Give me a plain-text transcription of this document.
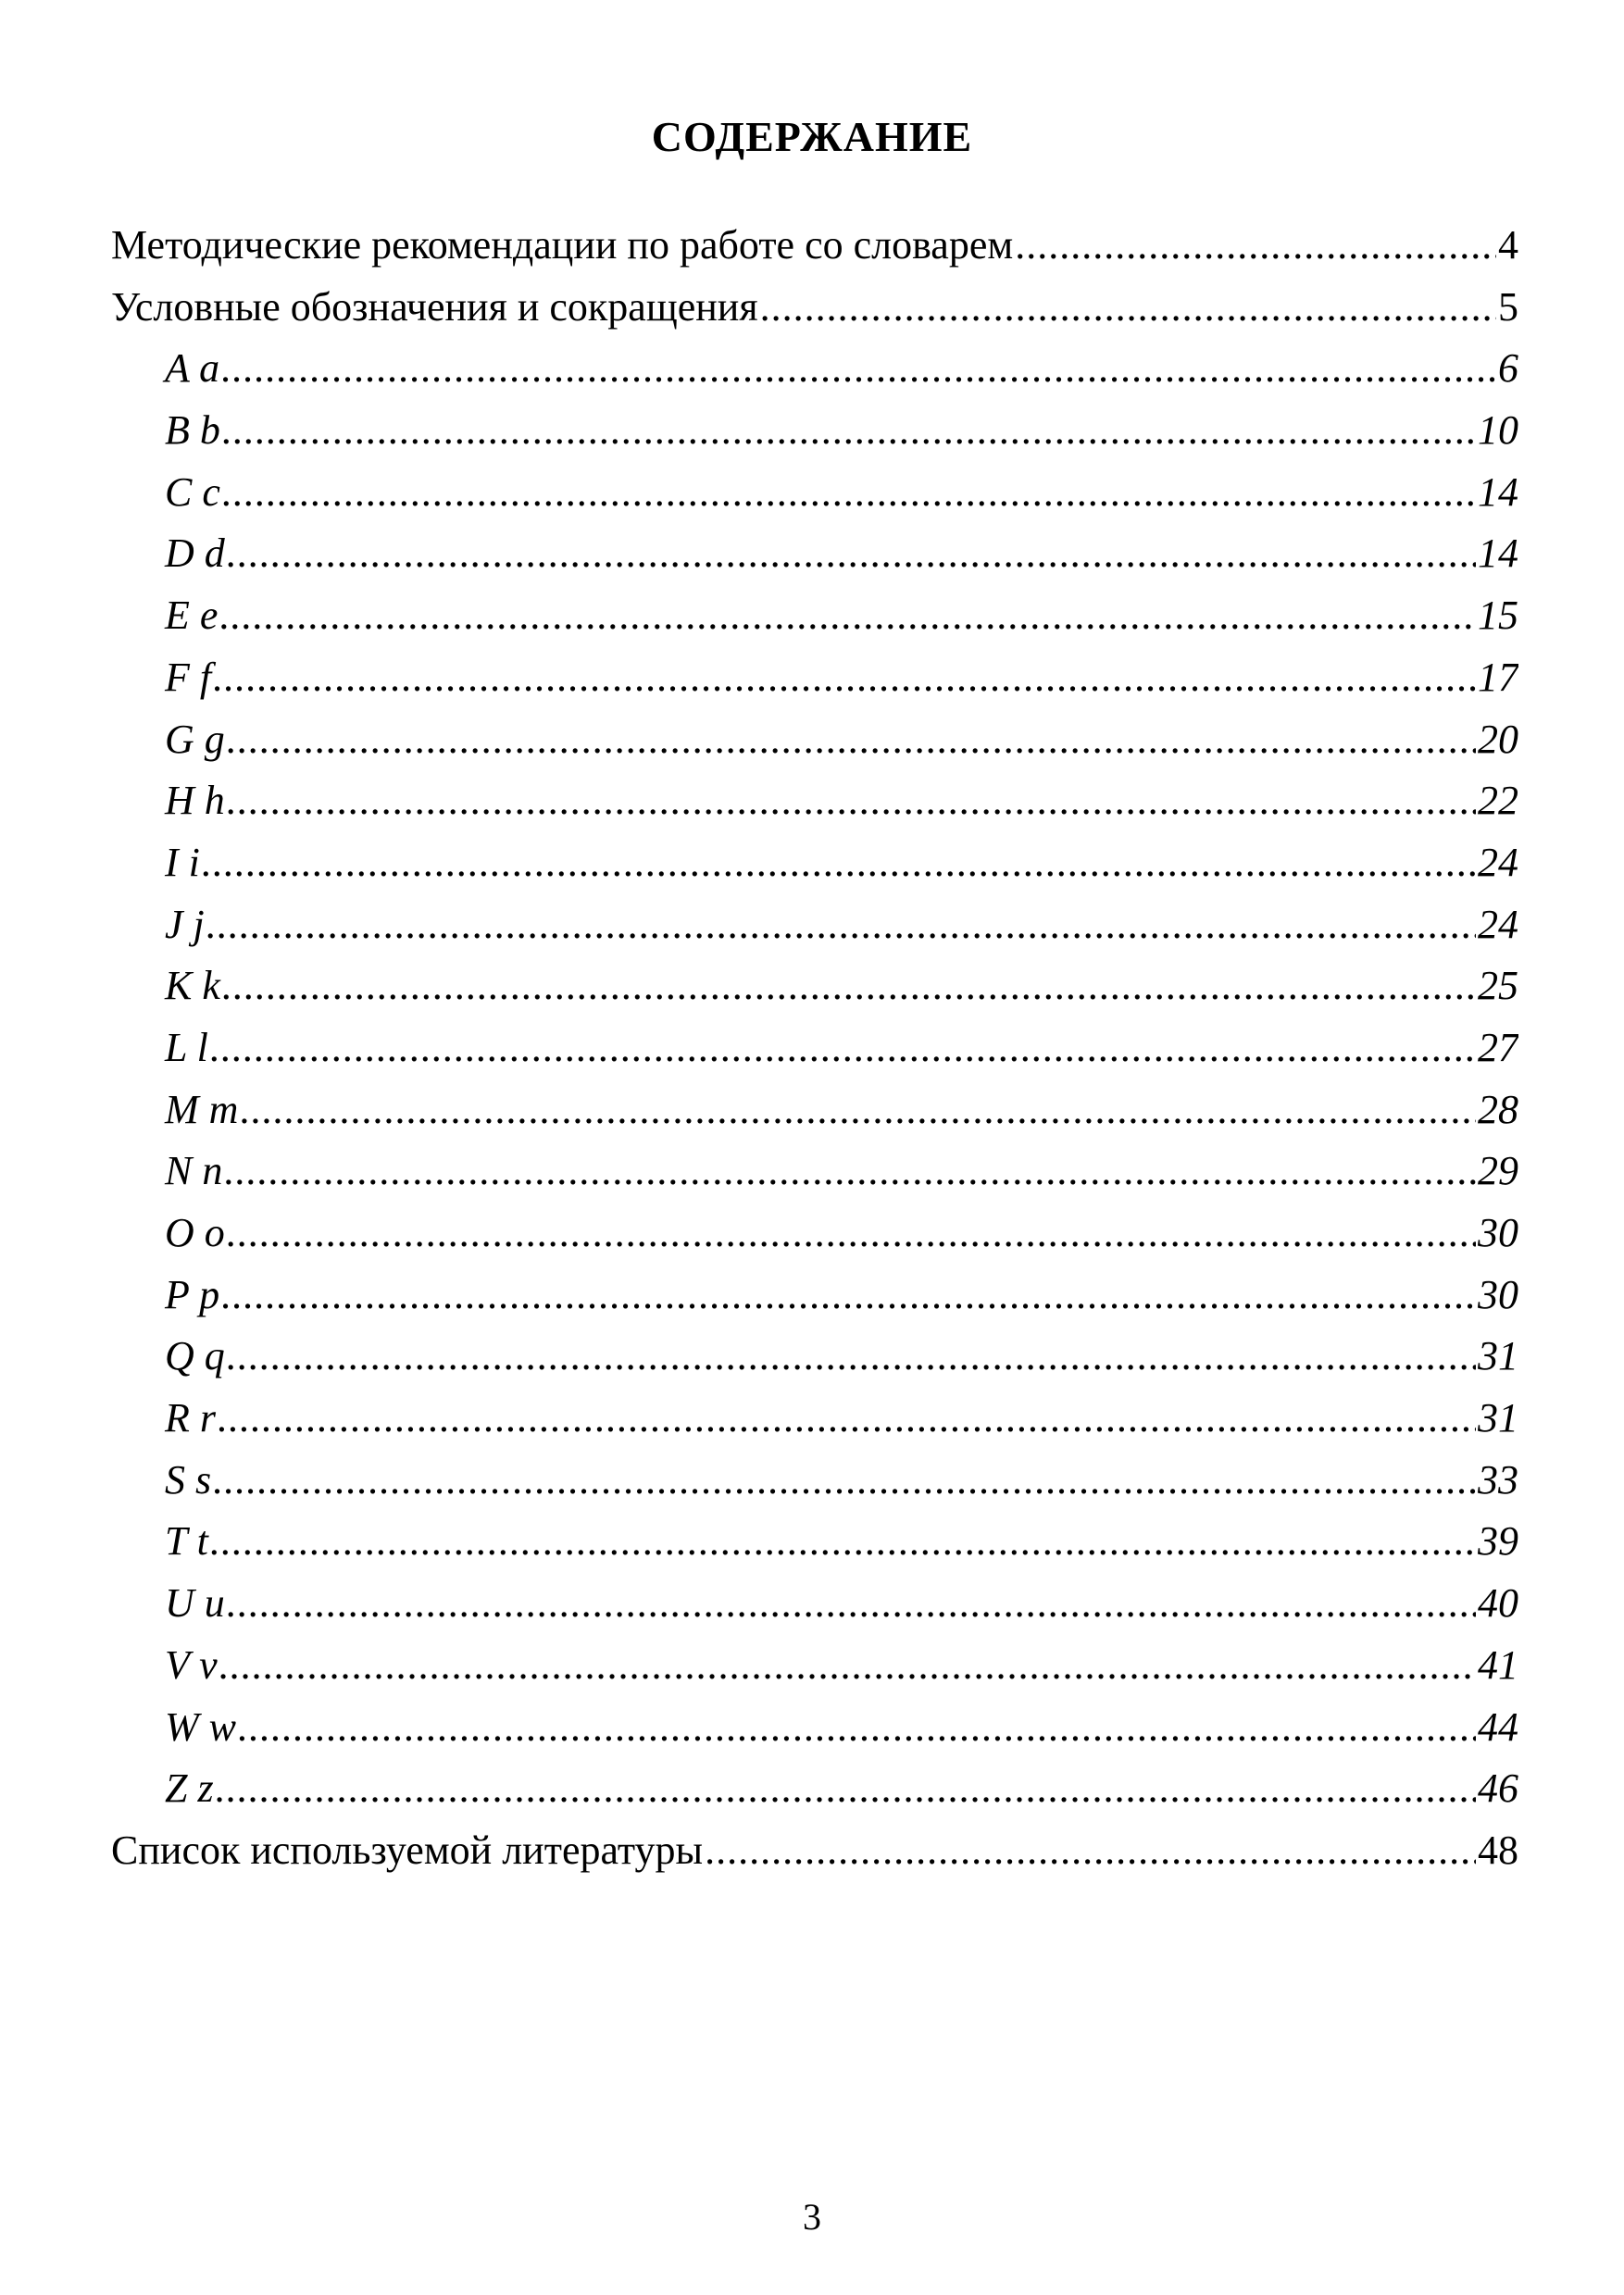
СОДЕРЖАНИЕ
Методические рекомендации по работе со словарем .....	4
Условные обозначения и сокращения .....	5
A a .....	6
B b .....	10
C c .....	14
D d .....	14
E e .....	15
F f .....	17
G g .....	20
H h .....	22
I i .....	24
J j .....	24
K k .....	25
L l .....	27
M m .....	28
N n .....	29
O o .....	30
P p .....	30
Q q .....	31
R r .....	31
S s .....	33
T t .....	39
U u .....	40
V v .....	41
W w .....	44
Z z .....	46
Список используемой литературы .....	48
3
